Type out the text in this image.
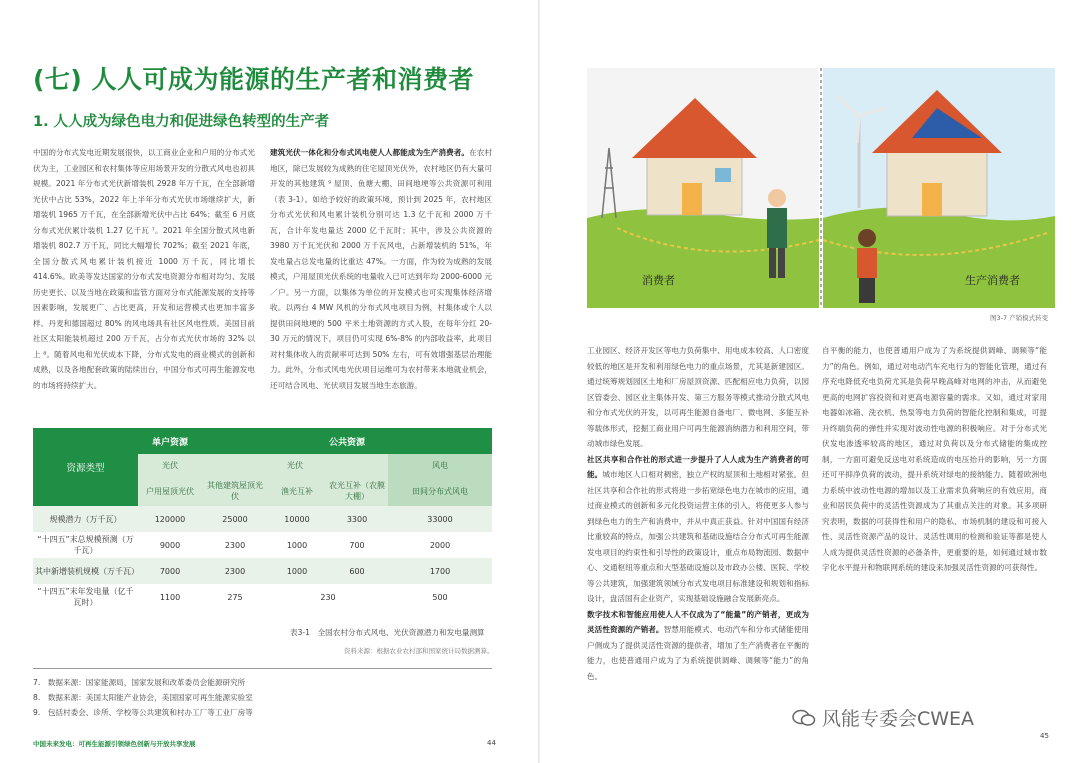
(七) 人人可成为能源的生产者和消费者
1. 人人成为绿色电力和促进绿色转型的生产者
中国的分布式发电近期发展很快，以工商业企业和户用的分布式光伏为主，工业园区和农村集体等应用场景开发的分散式风电也初具规模。2021 年分布式光伏新增装机 2928 年万千瓦，在全部新增光伏中占比 53%，2022 年上半年分布式光伏市场继续扩大，新增装机 1965 万千瓦，在全部新增光伏中占比 64%；截至 6 月底分布式光伏累计装机 1.27 亿千瓦 ⁷。2021 年全国分散式风电新增装机 802.7 万千瓦，同比大幅增长 702%；截至 2021 年底，全国分散式风电累计装机接近 1000 万千瓦，同比增长 414.6%。欧美等发达国家的分布式发电资源分布相对均匀、发展历史更长、以及当地在政策和监管方面对分布式能源发展的支持等因素影响，发展更广、占比更高，开发和运营模式也更加丰富多样。丹麦和德国超过 80% 的风电场具有社区风电性质。美国目前社区太阳能装机超过 200 万千瓦，占分布式光伏市场的 32% 以上 ⁸。随着风电和光伏成本下降，分布式发电的商业模式的创新和成熟，以及各地配套政策的陆续出台，中国分布式可再生能源发电的市场将持续扩大。
建筑光伏一体化和分布式风电使人人都能成为生产消费者。在农村地区，除已发展较为成熟的住宅屋顶光伏外，农村地区仍有大量可开发的其他建筑 ⁹ 屋顶、鱼塘大棚、田间地埂等公共资源可利用（表 3-1）。如给予较好的政策环境，预计到 2025 年，农村地区分布式光伏和风电累计装机分别可达 1.3 亿千瓦和 2000 万千瓦，合计年发电量达 2000 亿千瓦时；其中，涉及公共资源的 3980 万千瓦光伏和 2000 万千瓦风电，占新增装机的 51%，年发电量占总发电量的比重达 47%。一方面，作为较为成熟的发展模式，户用屋顶光伏系统的电量收入已可达到年均 2000-6000 元／户。另一方面，以集体为单位的开发模式也可实现集体经济增收。以两台 4 MW 风机的分布式风电项目为例，村集体或个人以提供田间地埂的 500 平米土地资源的方式入股，在每年分红 20-30 万元的情况下，项目仍可实现 6%-8% 的内部收益率，此项目对村集体收入的贡献率可达到 50% 左右，可有效增强基层治理能力。此外，分布式风电光伏项目运维可为农村带来本地就业机会，还可结合风电、光伏项目发展当地生态旅游。
资源类型	单户资源	公共资源			
	光伏	光伏			风电
	户用屋顶光伏	其他建筑屋顶光伏	渔光互补	农光互补（农膜大棚）	田间分布式风电
规模潜力（万千瓦）	120000	25000	10000	3300	33000
“十四五”末总规模预测（万千瓦）	9000	2300	1000	700	2000
其中新增装机规模（万千瓦）	7000	2300	1000	600	1700
“十四五”末年发电量（亿千瓦时）	1100	275	230		500
表3-1　全国农村分布式风电、光伏资源潜力和发电量测算
资料来源：根据农业农村部和国家统计局数据测算。
7.　数据来源：国家能源局，国家发展和改革委员会能源研究所
8.　数据来源：美国太阳能产业协会，美国国家可再生能源实验室
9.　包括村委会、诊所、学校等公共建筑和村办工厂等工业厂房等
中国未来发电：可再生能源引领绿色创新与开放共享发展	44
消费者	生产消费者
图3-7 产销模式转变
工业园区、经济开发区等电力负荷集中、用电成本较高、人口密度较低的地区是开发和利用绿色电力的重点场景，尤其是新建园区。通过统筹规划园区土地和厂房屋顶资源、匹配相应电力负荷，以园区管委会、园区业主集体开发、第三方服务等模式推动分散式风电和分布式光伏的开发，以可再生能源自备电厂、微电网、多能互补等载体形式，挖掘工商业用户可再生能源消纳潜力和利用空间，带动城市绿色发展。
社区共享和合作社的形式进一步提升了人人成为生产消费者的可能。城市地区人口相对稠密，独立产权的屋顶和土地相对紧张。但社区共享和合作社的形式将进一步拓宽绿色电力在城市的应用，通过商业模式的创新和多元化投资运营主体的引入，将使更多人参与到绿色电力的生产和消费中，并从中真正获益。针对中国国有经济比重较高的特点，加强公共建筑和基础设施结合分布式可再生能源发电项目的约束性和引导性的政策设计，重点布局物流园、数据中心、交通枢纽等重点和大型基础设施以及市政办公楼、医院、学校等公共建筑，加强建筑领域分布式发电项目标准建设和规划和指标设计，盘活国有企业资产，实现基础设施融合发展新亮点。
数字技术和智能应用使人人不仅成为了“能量”的产销者，更成为灵活性资源的产销者。智慧用能模式、电动汽车和分布式储能使用户侧成为了提供灵活性资源的提供者，增加了生产消费者在平衡的能力，也使普通用户成为了为系统提供调峰、调频等“能力”的角色。
自平衡的能力，也使普通用户成为了为系统提供调峰、调频等“能力”的角色。例如，通过对电动汽车充电行为的智能化管理，通过有序充电降低充电负荷尤其是负荷早晚高峰对电网的冲击，从而避免更高的电网扩容投资和对更高电源容量的需求。又如，通过对家用电器如冰箱、洗衣机、热泵等电力负荷的智能化控制和集成，可提升终端负荷的弹性并实现对波动性电源的积极响应。对于分布式光伏发电渗透率较高的地区，通过对负荷以及分布式储能的集成控制，一方面可避免反送电对系统造成的电压抬升的影响，另一方面还可平抑净负荷的波动，提升系统对绿电的接纳能力。随着欧洲电力系统中波动性电源的增加以及工业需求负荷响应的有效应用，商业和居民负荷中的灵活性资源成为了其重点关注的对象。其多项研究表明，数据的可获得性和用户的隐私、市场机制的建设和可接入性、灵活性资源产品的设计、灵活性调用的检测和验证等都是使人人成为提供灵活性资源的必备条件，更重要的是，如何通过城市数字化水平提升和物联网系统的建设来加强灵活性资源的可获得性。
风能专委会CWEA
45
